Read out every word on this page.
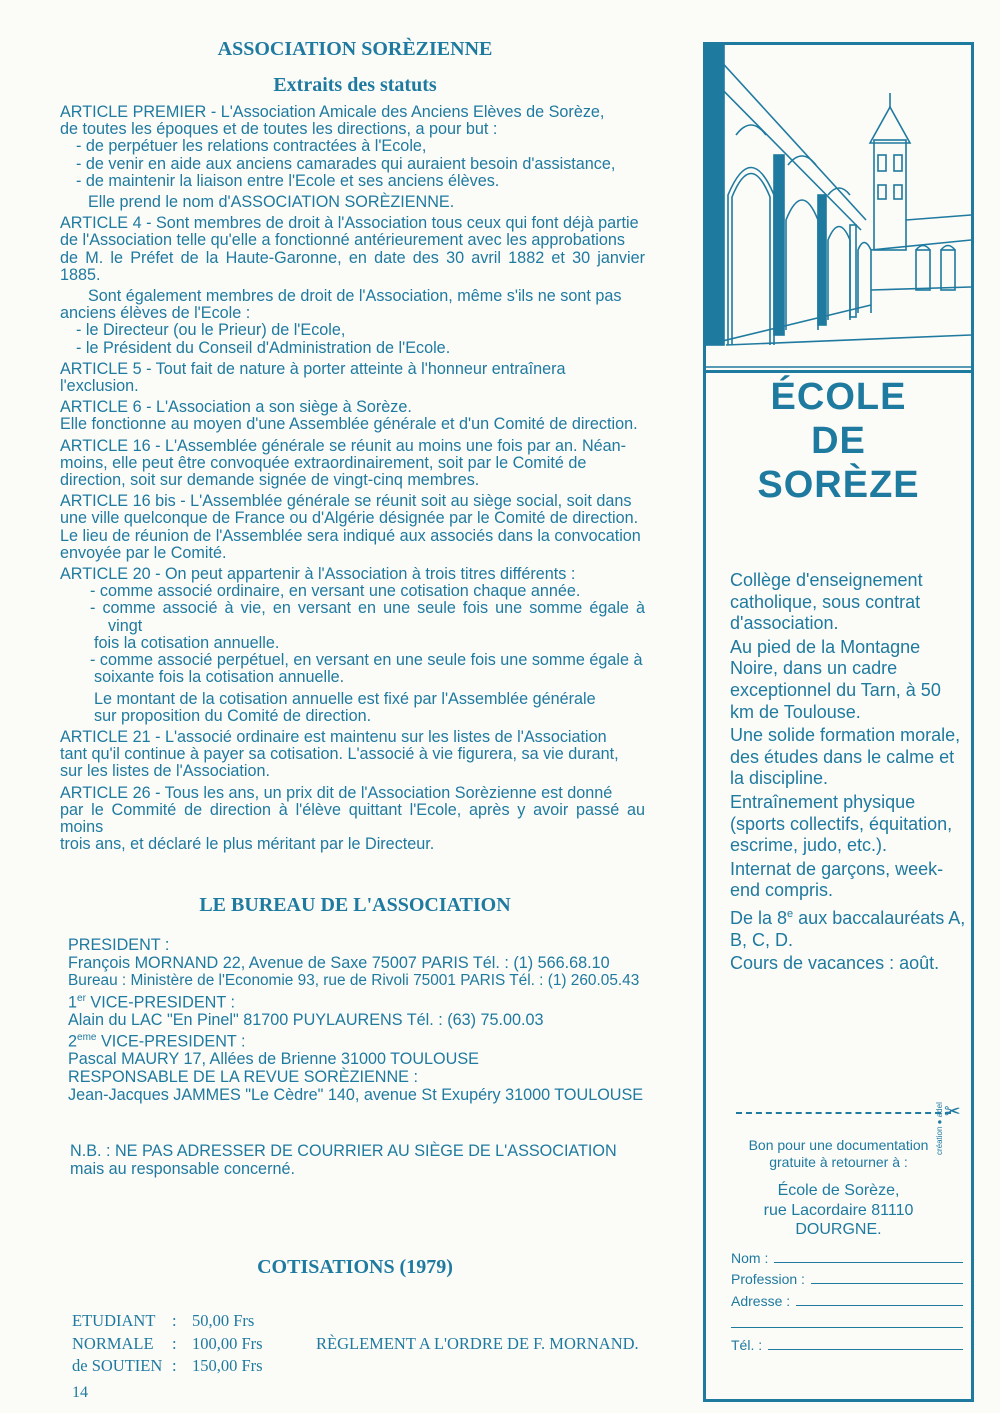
ASSOCIATION SORÈZIENNE
Extraits des statuts

ARTICLE PREMIER - L'Association Amicale des Anciens Elèves de Sorèze,

de toutes les époques et de toutes les directions, a pour but :

- de perpétuer les relations contractées à l'Ecole,

- de venir en aide aux anciens camarades qui auraient besoin d'assistance,

- de maintenir la liaison entre l'Ecole et ses anciens élèves.

Elle prend le nom d'ASSOCIATION SORÈZIENNE.

ARTICLE 4 - Sont membres de droit à l'Association tous ceux qui font déjà partie

de l'Association telle qu'elle a fonctionné antérieurement avec les approbations

de M. le Préfet de la Haute-Garonne, en date des 30 avril 1882 et 30 janvier 1885.

Sont également membres de droit de l'Association, même s'ils ne sont pas

anciens élèves de l'Ecole :

- le Directeur (ou le Prieur) de l'Ecole,

- le Président du Conseil d'Administration de l'Ecole.

ARTICLE 5 - Tout fait de nature à porter atteinte à l'honneur entraînera

l'exclusion.

ARTICLE 6 - L'Association a son siège à Sorèze.

Elle fonctionne au moyen d'une Assemblée générale et d'un Comité de direction.

ARTICLE 16 - L'Assemblée générale se réunit au moins une fois par an. Néan-

moins, elle peut être convoquée extraordinairement, soit par le Comité de

direction, soit sur demande signée de vingt-cinq membres.

ARTICLE 16 bis - L'Assemblée générale se réunit soit au siège social, soit dans

une ville quelconque de France ou d'Algérie désignée par le Comité de direction.

Le lieu de réunion de l'Assemblée sera indiqué aux associés dans la convocation

envoyée par le Comité.

ARTICLE 20 - On peut appartenir à l'Association à trois titres différents :

- comme associé ordinaire, en versant une cotisation chaque année.

- comme associé à vie, en versant en une seule fois une somme égale à vingt

fois la cotisation annuelle.

- comme associé perpétuel, en versant en une seule fois une somme égale à

soixante fois la cotisation annuelle.

Le montant de la cotisation annuelle est fixé par l'Assemblée générale

sur proposition du Comité de direction.

ARTICLE 21 - L'associé ordinaire est maintenu sur les listes de l'Association

tant qu'il continue à payer sa cotisation. L'associé à vie figurera, sa vie durant,

sur les listes de l'Association.

ARTICLE 26 - Tous les ans, un prix dit de l'Association Sorèzienne est donné

par le Commité de direction à l'élève quittant l'Ecole, après y avoir passé au moins

trois ans, et déclaré le plus méritant par le Directeur.

LE BUREAU DE L'ASSOCIATION

PRESIDENT :

François MORNAND 22, Avenue de Saxe 75007 PARIS Tél. : (1) 566.68.10

Bureau : Ministère de l'Economie 93, rue de Rivoli 75001 PARIS Tél. : (1) 260.05.43

1er VICE-PRESIDENT :

Alain du LAC "En Pinel" 81700 PUYLAURENS Tél. : (63) 75.00.03

2eme VICE-PRESIDENT :

Pascal MAURY 17, Allées de Brienne 31000 TOULOUSE

RESPONSABLE DE LA REVUE SORÈZIENNE :

Jean-Jacques JAMMES "Le Cèdre" 140, avenue St Exupéry 31000 TOULOUSE

N.B. : NE PAS ADRESSER DE COURRIER AU SIÈGE DE L'ASSOCIATION

mais au responsable concerné.

COTISATIONS (1979)
ETUDIANT	: 50,00 Frs
NORMALE	: 100,00 Frs	RÈGLEMENT A L'ORDRE DE F. MORNAND.
de SOUTIEN : 150,00 Frs
14
ÉCOLE
DE
SORÈZE

Collège d'enseignement catholique, sous contrat d'association.

Au pied de la Montagne Noire, dans un cadre exceptionnel du Tarn, à 50 km de Toulouse.

Une solide formation morale, des études dans le calme et la discipline.

Entraînement physique (sports collectifs, équitation, escrime, judo, etc.).

Internat de garçons, week-end compris.

De la 8e aux baccalauréats A, B, C, D.

Cours de vacances : août.

✂
Bon pour une documentation
gratuite à retourner à :
création ● adel
École de Sorèze,
rue Lacordaire 81110
DOURGNE.
Nom :
Profession :
Adresse :
Tél. :
